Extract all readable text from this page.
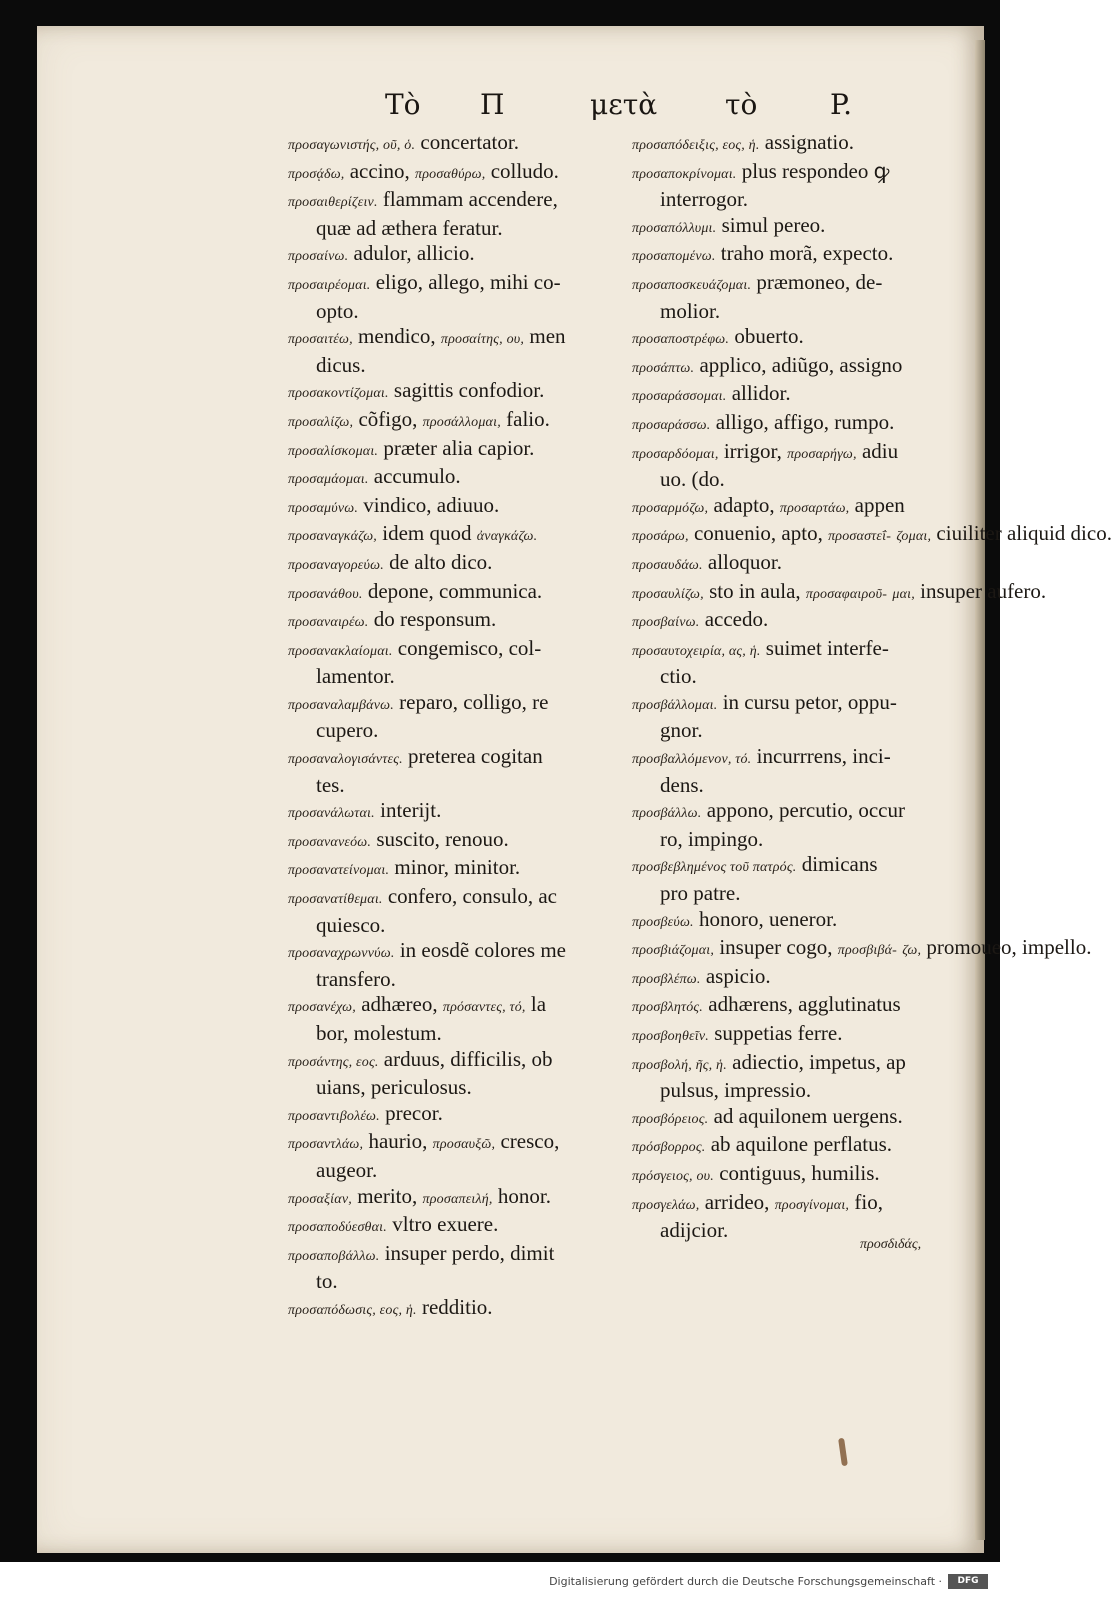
Tὸ Π	μετὰ τὸ	P.
προσαγωνιστής, οῦ, ὁ. concertator.
προσᾴδω, accino, προσαθύρω, colludo.
προσαιθερίζειν. flammam accendere,
quæ ad æthera feratur.
προσαίνω. adulor, allicio.
προσαιρέομαι. eligo, allego, mihi co-
opto.
προσαιτέω, mendico, προσαίτης, ου, men
dicus.
προσακοντίζομαι. sagittis confodior.
προσαλίζω, cõfigo, προσάλλομαι, falio.
προσαλίσκομαι. præter alia capior.
προσαμάομαι. accumulo.
προσαμύνω. vindico, adiuuo.
προσαναγκάζω, idem quod ἀναγκάζω.
προσαναγορεύω. de alto dico.
προσανάθου. depone, communica.
προσαναιρέω. do responsum.
προσανακλαίομαι. congemisco, col-
lamentor.
προσαναλαμβάνω. reparo, colligo, re
cupero.
προσαναλογισάντες. preterea cogitan
tes.
προσανάλωται. interijt.
προσανανεόω. suscito, renouo.
προσανατείνομαι. minor, minitor.
προσανατίθεμαι. confero, consulo, ac
quiesco.
προσαναχρωννύω. in eosdẽ colores me
transfero.
προσανέχω, adhæreo, πρόσαντες, τό, la
bor, molestum.
προσάντης, εος. arduus, difficilis, ob
uians, periculosus.
προσαντιβολέω. precor.
προσαντλάω, haurio, προσαυξῶ, cresco,
augeor.
προσαξίαν, merito, προσαπειλή, honor.
προσαποδύεσθαι. vltro exuere.
προσαποβάλλω. insuper perdo, dimit
to.
προσαπόδωσις, εος, ἡ. redditio.
προσαπόδειξις, εος, ἡ. assignatio.
προσαποκρίνομαι. plus respondeo ꝙ
interrogor.
προσαπόλλυμι. simul pereo.
προσαπομένω. traho morã, expecto.
προσαποσκευάζομαι. præmoneo, de-
molior.
προσαποστρέφω. obuerto.
προσάπτω. applico, adiũgo, assigno
προσαράσσομαι. allidor.
προσαράσσω. alligo, affigo, rumpo.
προσαρδόομαι, irrigor, προσαρήγω, adiu
uo. (do.
προσαρμόζω, adapto, προσαρτάω, appen
προσάρω, conuenio, apto, προσαστεΐ- ζομαι, ciuiliter aliquid dico.
προσαυδάω. alloquor.
προσαυλίζω, sto in aula, προσαφαιροῦ- μαι, insuper aufero.
προσβαίνω. accedo.
προσαυτοχειρία, ας, ἡ. suimet interfe-
ctio.
προσβάλλομαι. in cursu petor, oppu-
gnor.
προσβαλλόμενον, τό. incurrrens, inci-
dens.
προσβάλλω. appono, percutio, occur
ro, impingo.
προσβεβλημένος τοῦ πατρός. dimicans
pro patre.
προσβεύω. honoro, ueneror.
προσβιάζομαι, insuper cogo, προσβιβά- ζω, promoueo, impello.
προσβλέπω. aspicio.
προσβλητός. adhærens, agglutinatus
προσβοηθεῖν. suppetias ferre.
προσβολή, ῆς, ἡ. adiectio, impetus, ap
pulsus, impressio.
προσβόρειος. ad aquilonem uergens.
πρόσβορρος. ab aquilone perflatus.
πρόσγειος, ου. contiguus, humilis.
προσγελάω, arrideo, προσγίνομαι, fio,
adijcior.
προσδιδάς,
Digitalisierung gefördert durch die Deutsche Forschungsgemeinschaft ·	DFG
